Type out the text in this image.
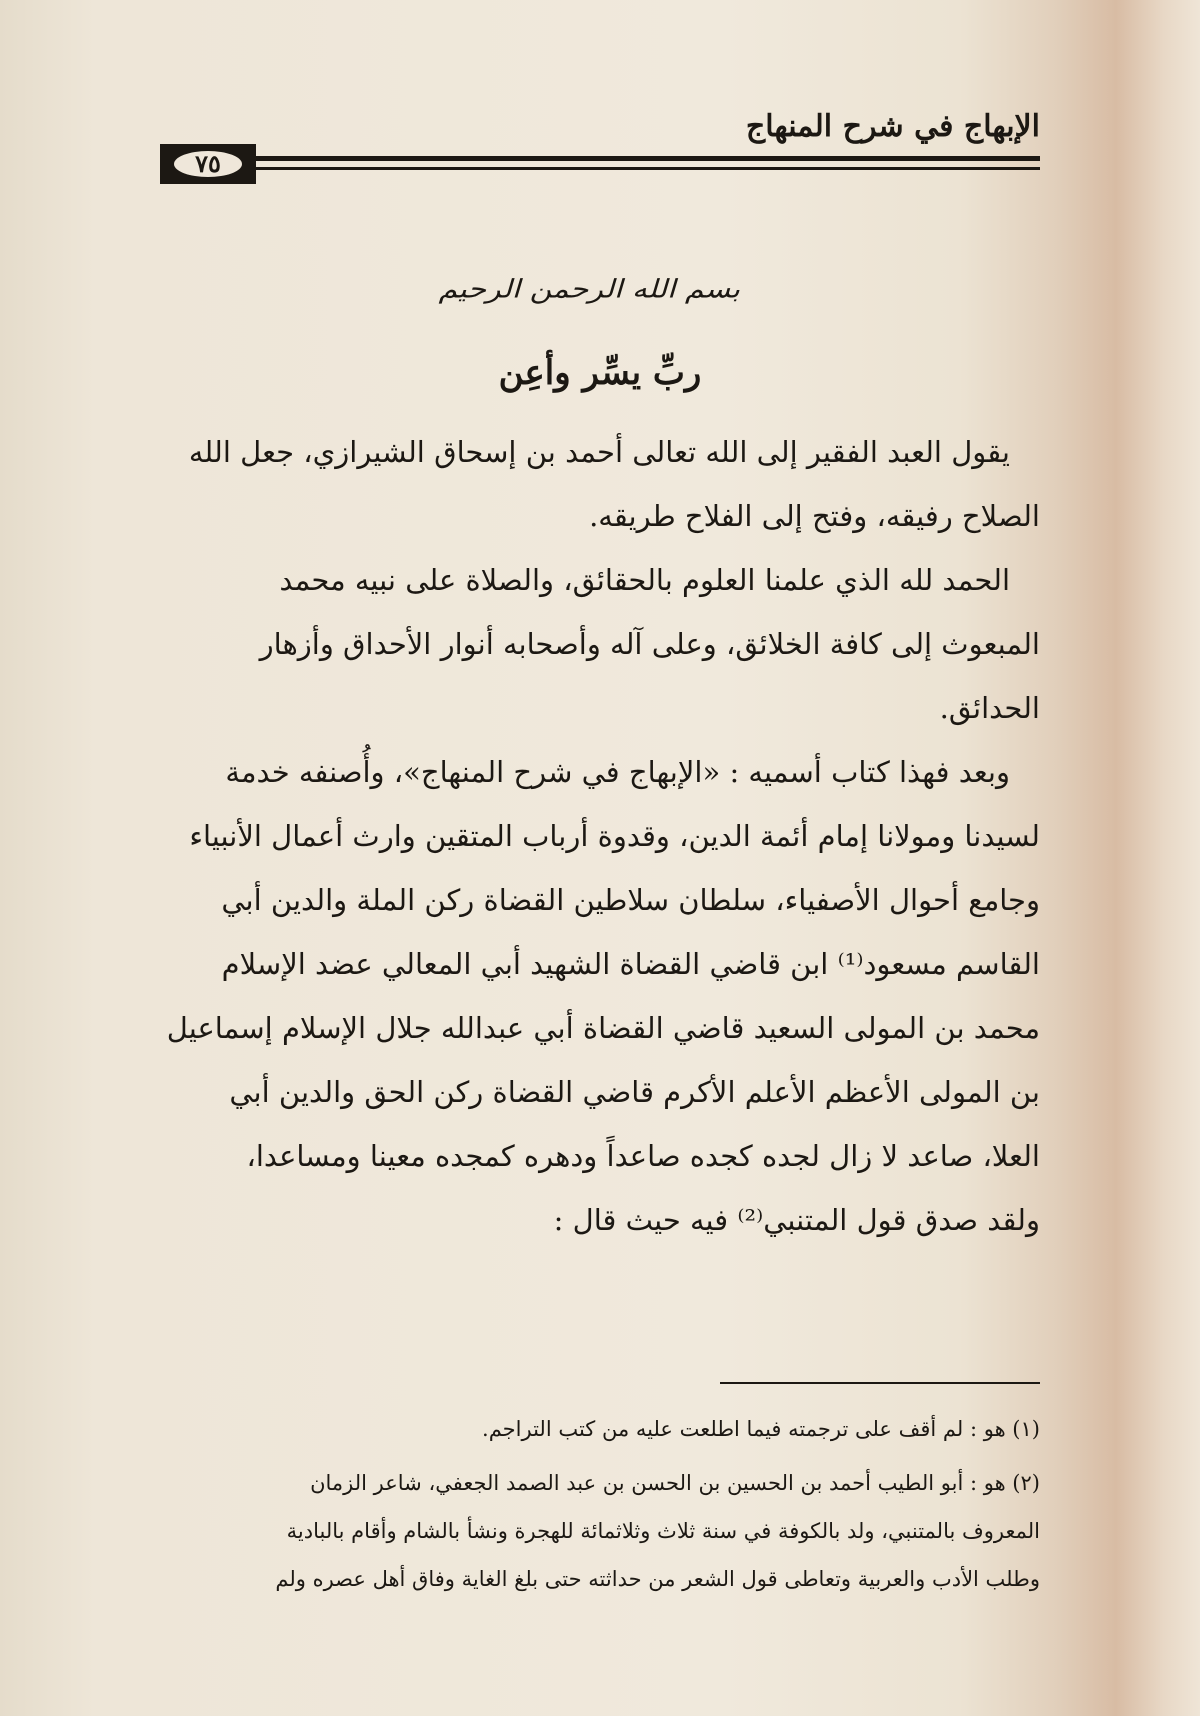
الإبهاج في شرح المنهاج
٧٥
بسم الله الرحمن الرحيم
ربِّ يسِّر وأعِن
يقول العبد الفقير إلى الله تعالى أحمد بن إسحاق الشيرازي، جعل الله
الصلاح رفيقه، وفتح إلى الفلاح طريقه.
الحمد لله الذي علمنا العلوم بالحقائق، والصلاة على نبيه محمد
المبعوث إلى كافة الخلائق، وعلى آله وأصحابه أنوار الأحداق وأزهار
الحدائق.
وبعد فهذا كتاب أسميه : «الإبهاج في شرح المنهاج»، وأُصنفه خدمة
لسيدنا ومولانا إمام أئمة الدين، وقدوة أرباب المتقين وارث أعمال الأنبياء
وجامع أحوال الأصفياء، سلطان سلاطين القضاة ركن الملة والدين أبي
القاسم مسعود⁽¹⁾ ابن قاضي القضاة الشهيد أبي المعالي عضد الإسلام
محمد بن المولى السعيد قاضي القضاة أبي عبدالله جلال الإسلام إسماعيل
بن المولى الأعظم الأعلم الأكرم قاضي القضاة ركن الحق والدين أبي
العلا، صاعد لا زال لجده كجده صاعداً ودهره كمجده معينا ومساعدا،
ولقد صدق قول المتنبي⁽²⁾ فيه حيث قال :
(١) هو : لم أقف على ترجمته فيما اطلعت عليه من كتب التراجم.
(٢) هو : أبو الطيب أحمد بن الحسين بن الحسن بن عبد الصمد الجعفي، شاعر الزمان
المعروف بالمتنبي، ولد بالكوفة في سنة ثلاث وثلاثمائة للهجرة ونشأ بالشام وأقام بالبادية
وطلب الأدب والعربية وتعاطى قول الشعر من حداثته حتى بلغ الغاية وفاق أهل عصره ولم
